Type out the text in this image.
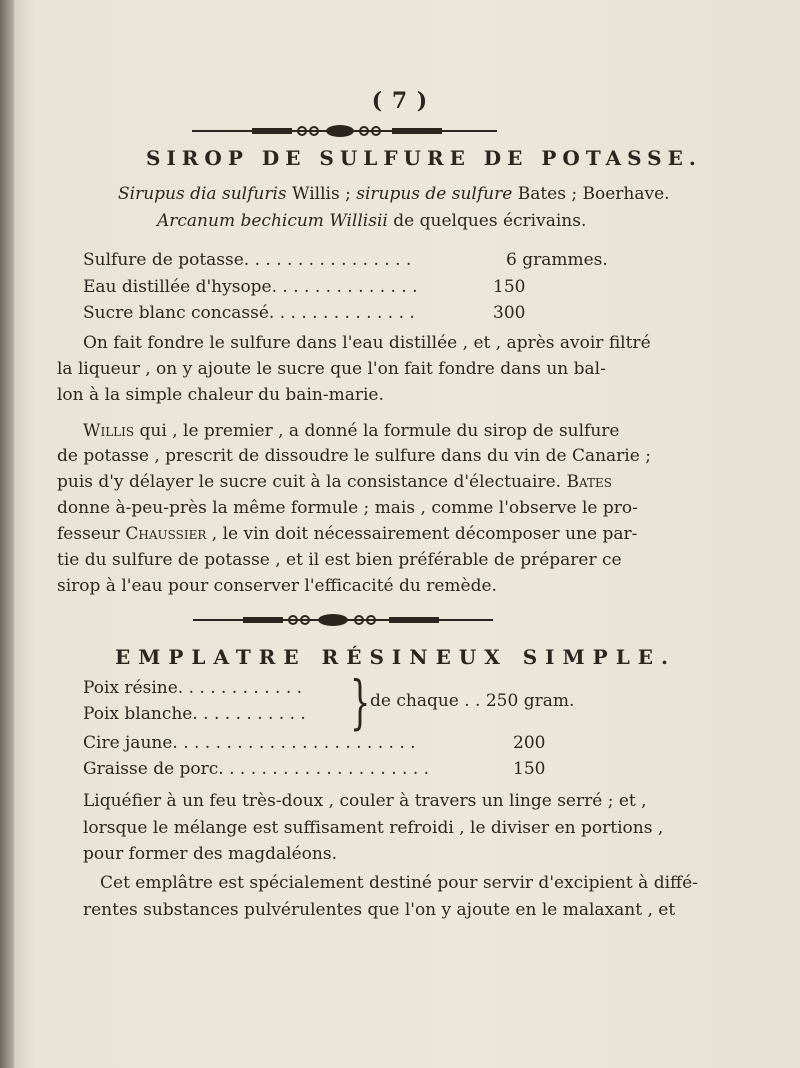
( 7 )
SIROP DE SULFURE DE POTASSE.
Sirupus dia sulfuris Willis ; sirupus de sulfure Bates ; Boerhave.
Arcanum bechicum Willisii de quelques écrivains.
Sulfure de potasse. . . . . . . . . . . . . . . .	6 grammes.
Eau distillée d'hysope. . . . . . . . . . . . . .	150
Sucre blanc concassé. . . . . . . . . . . . . .	300
On fait fondre le sulfure dans l'eau distillée , et , après avoir filtré
la liqueur , on y ajoute le sucre que l'on fait fondre dans un bal-
lon à la simple chaleur du bain-marie.
Willis qui , le premier , a donné la formule du sirop de sulfure
de potasse , prescrit de dissoudre le sulfure dans du vin de Canarie ;
puis d'y délayer le sucre cuit à la consistance d'électuaire. Bates
donne à-peu-près la même formule ; mais , comme l'observe le pro-
fesseur Chaussier , le vin doit nécessairement décomposer une par-
tie du sulfure de potasse , et il est bien préférable de préparer ce
sirop à l'eau pour conserver l'efficacité du remède.
EMPLATRE RÉSINEUX SIMPLE.
Poix résine. . . . . . . . . . . .
Poix blanche. . . . . . . . . . . } de chaque . . 250 gram.
Cire jaune. . . . . . . . . . . . . . . . . . . . . . .	200
Graisse de porc. . . . . . . . . . . . . . . . . . . .	150
Liquéfier à un feu très-doux , couler à travers un linge serré ; et ,
lorsque le mélange est suffisament refroidi , le diviser en portions ,
pour former des magdaléons.
Cet emplâtre est spécialement destiné pour servir d'excipient à diffé-
rentes substances pulvérulentes que l'on y ajoute en le malaxant , et
